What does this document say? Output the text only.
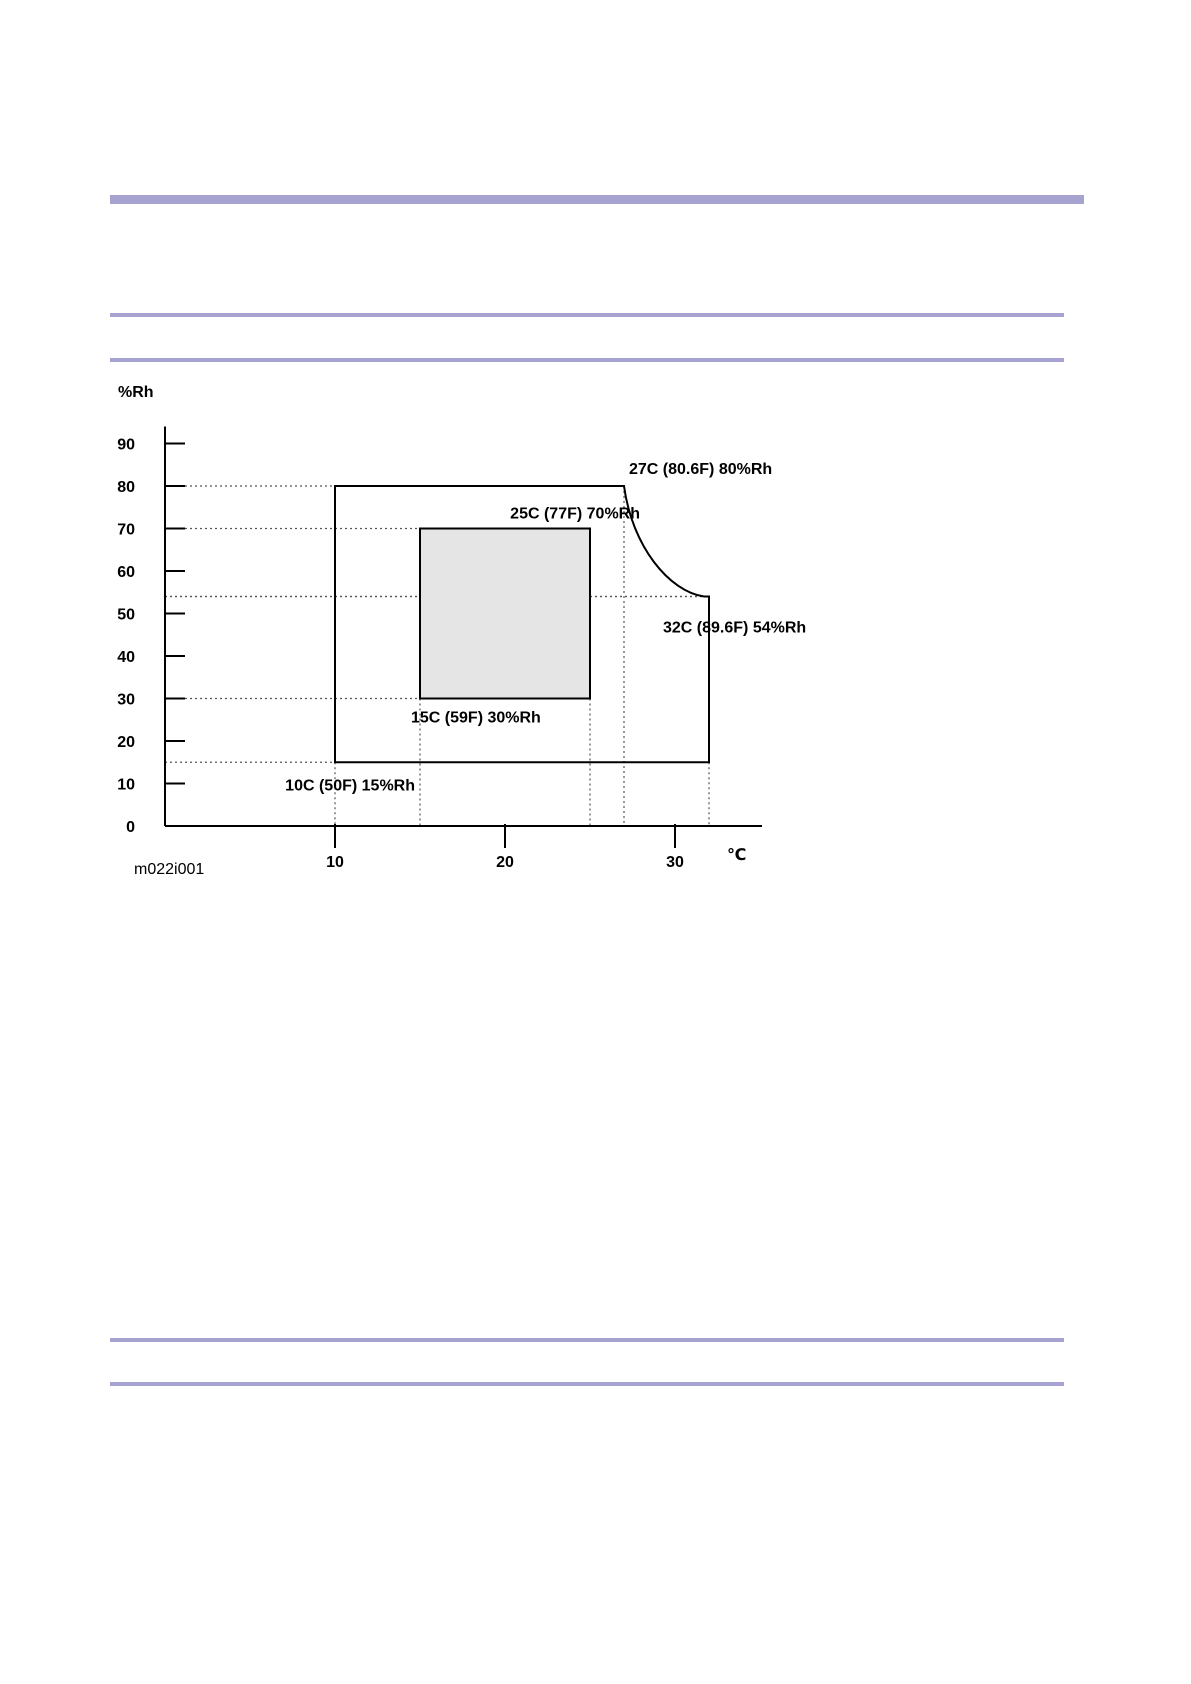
0
10
20
30
40
50
60
70
80
90
10	20	30
%Rh
℃
m022i001
27C (80.6F) 80%Rh
25C (77F) 70%Rh
32C (89.6F) 54%Rh
15C (59F) 30%Rh
10C (50F) 15%Rh
